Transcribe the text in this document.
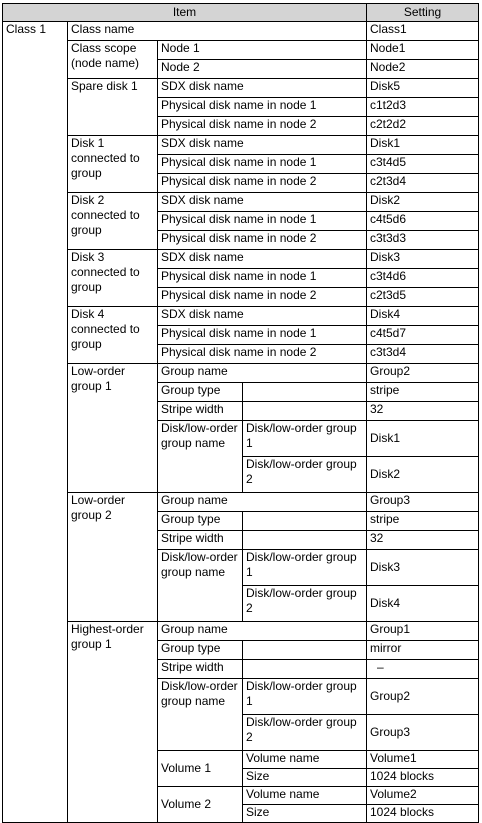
Item				Setting
Class 1	Class name			Class1
	Class scope (node name)	Node 1		Node1
		Node 2		Node2
	Spare disk 1	SDX disk name		Disk5
		Physical disk name in node 1		c1t2d3
		Physical disk name in node 2		c2t2d2
	Disk 1 connected to group	SDX disk name		Disk1
		Physical disk name in node 1		c3t4d5
		Physical disk name in node 2		c2t3d4
	Disk 2 connected to group	SDX disk name		Disk2
		Physical disk name in node 1		c4t5d6
		Physical disk name in node 2		c3t3d3
	Disk 3 connected to group	SDX disk name		Disk3
		Physical disk name in node 1		c3t4d6
		Physical disk name in node 2		c2t3d5
	Disk 4 connected to group	SDX disk name		Disk4
		Physical disk name in node 1		c4t5d7
		Physical disk name in node 2		c3t3d4
	Low-order group 1	Group name		Group2
		Group type		stripe
		Stripe width		32
		Disk/low-order group name	Disk/low-order group 1	Disk1
			Disk/low-order group 2	Disk2
	Low-order group 2	Group name		Group3
		Group type		stripe
		Stripe width		32
		Disk/low-order group name	Disk/low-order group 1	Disk3
			Disk/low-order group 2	Disk4
	Highest-order group 1	Group name		Group1
		Group type		mirror
		Stripe width		–
		Disk/low-order group name	Disk/low-order group 1	Group2
			Disk/low-order group 2	Group3
		Volume 1	Volume name	Volume1
			Size	1024 blocks
		Volume 2	Volume name	Volume2
			Size	1024 blocks
